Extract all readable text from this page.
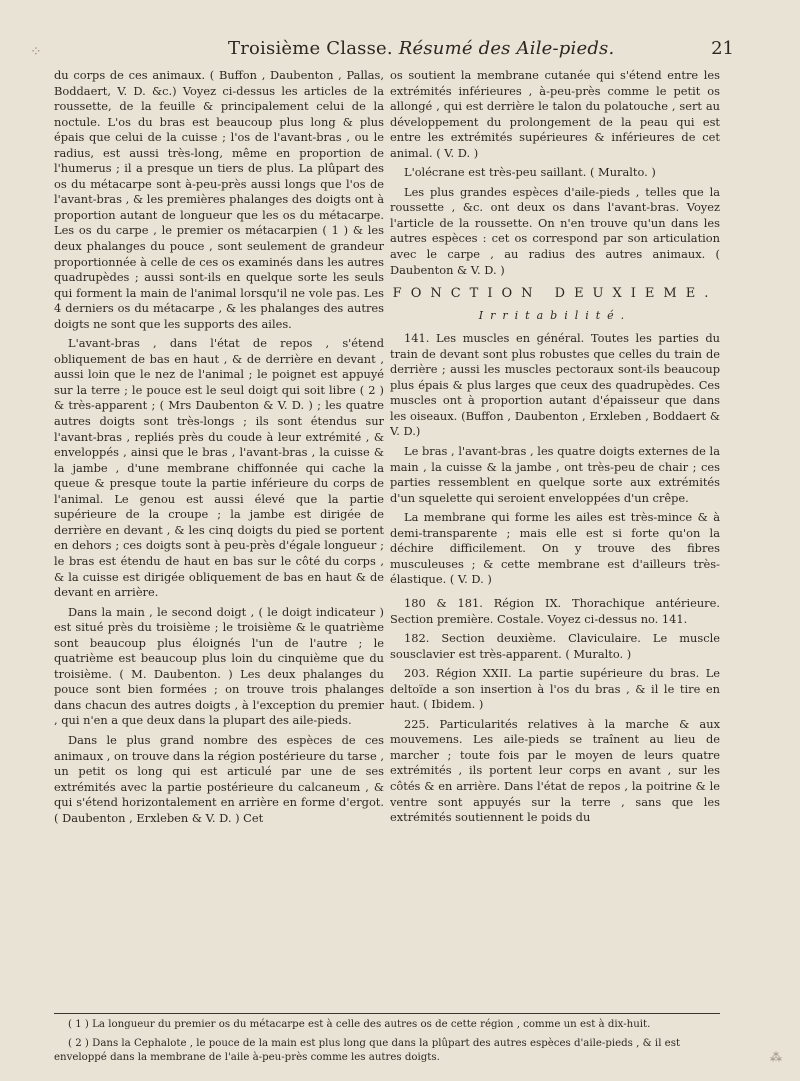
⁘	Troisième Classe. Résumé des Aile-pieds.	21

du corps de ces animaux. ( Buffon , Daubenton , Pallas, Boddaert, V. D. &c.) Voyez ci-dessus les articles de la roussette, de la feuille & principalement celui de la noctule. L'os du bras est beaucoup plus long & plus épais que celui de la cuisse ; l'os de l'avant-bras , ou le radius, est aussi très-long, même en proportion de l'humerus ; il a presque un tiers de plus. La plûpart des os du métacarpe sont à-peu-près aussi longs que l'os de l'avant-bras , & les premières phalanges des doigts ont à proportion autant de longueur que les os du métacarpe. Les os du carpe , le premier os métacarpien ( 1 ) & les deux phalanges du pouce , sont seulement de grandeur proportionnée à celle de ces os examinés dans les autres quadrupèdes ; aussi sont-ils en quelque sorte les seuls qui forment la main de l'animal lorsqu'il ne vole pas. Les 4 derniers os du métacarpe , & les phalanges des autres doigts ne sont que les supports des ailes.

L'avant-bras , dans l'état de repos , s'étend obliquement de bas en haut , & de derrière en devant , aussi loin que le nez de l'animal ; le poignet est appuyé sur la terre ; le pouce est le seul doigt qui soit libre ( 2 ) & très-apparent ; ( Mrs Daubenton & V. D. ) ; les quatre autres doigts sont très-longs ; ils sont étendus sur l'avant-bras , repliés près du coude à leur extrémité , & enveloppés , ainsi que le bras , l'avant-bras , la cuisse & la jambe , d'une membrane chiffonnée qui cache la queue & presque toute la partie inférieure du corps de l'animal. Le genou est aussi élevé que la partie supérieure de la croupe ; la jambe est dirigée de derrière en devant , & les cinq doigts du pied se portent en dehors ; ces doigts sont à peu-près d'égale longueur ; le bras est étendu de haut en bas sur le côté du corps , & la cuisse est dirigée obliquement de bas en haut & de devant en arrière.

Dans la main , le second doigt , ( le doigt indicateur ) est situé près du troisième ; le troisième & le quatrième sont beaucoup plus éloignés l'un de l'autre ; le quatrième est beaucoup plus loin du cinquième que du troisième. ( M. Daubenton. ) Les deux phalanges du pouce sont bien formées ; on trouve trois phalanges dans chacun des autres doigts , à l'exception du premier , qui n'en a que deux dans la plupart des aile-pieds.

Dans le plus grand nombre des espèces de ces animaux , on trouve dans la région postérieure du tarse , un petit os long qui est articulé par une de ses extrémités avec la partie postérieure du calcaneum , & qui s'étend horizontalement en arrière en forme d'ergot. ( Daubenton , Erxleben & V. D. ) Cet

os soutient la membrane cutanée qui s'étend entre les extrémités inférieures , à-peu-près comme le petit os allongé , qui est derrière le talon du polatouche , sert au développement du prolongement de la peau qui est entre les extrémités supérieures & inférieures de cet animal. ( V. D. )

L'olécrane est très-peu saillant. ( Muralto. )

Les plus grandes espèces d'aile-pieds , telles que la roussette , &c. ont deux os dans l'avant-bras. Voyez l'article de la roussette. On n'en trouve qu'un dans les autres espèces : cet os correspond par son articulation avec le carpe , au radius des autres animaux. ( Daubenton & V. D. )

FONCTION DEUXIEME.
Irritabilité.

141. Les muscles en général. Toutes les parties du train de devant sont plus robustes que celles du train de derrière ; aussi les muscles pectoraux sont-ils beaucoup plus épais & plus larges que ceux des quadrupèdes. Ces muscles ont à proportion autant d'épaisseur que dans les oiseaux. (Buffon , Daubenton , Erxleben , Boddaert & V. D.)

Le bras , l'avant-bras , les quatre doigts externes de la main , la cuisse & la jambe , ont très-peu de chair ; ces parties ressemblent en quelque sorte aux extrémités d'un squelette qui seroient enveloppées d'un crêpe.

La membrane qui forme les ailes est très-mince & à demi-transparente ; mais elle est si forte qu'on la déchire difficilement. On y trouve des fibres musculeuses ; & cette membrane est d'ailleurs très-élastique. ( V. D. )

180 & 181. Région IX. Thorachique antérieure. Section première. Costale. Voyez ci-dessus no. 141.

182. Section deuxième. Claviculaire. Le muscle sousclavier est très-apparent. ( Muralto. )

203. Région XXII. La partie supérieure du bras. Le deltoïde a son insertion à l'os du bras , & il le tire en haut. ( Ibidem. )

225. Particularités relatives à la marche & aux mouvemens. Les aile-pieds se traînent au lieu de marcher ; toute fois par le moyen de leurs quatre extrémités , ils portent leur corps en avant , sur les côtés & en arrière. Dans l'état de repos , la poitrine & le ventre sont appuyés sur la terre , sans que les extrémités soutiennent le poids du

( 1 ) La longueur du premier os du métacarpe est à celle des autres os de cette région , comme un est à dix-huit.

( 2 ) Dans la Cephalote , le pouce de la main est plus long que dans la plûpart des autres espèces d'aile-pieds , & il est enveloppé dans la membrane de l'aile à-peu-près comme les autres doigts.	⁂
